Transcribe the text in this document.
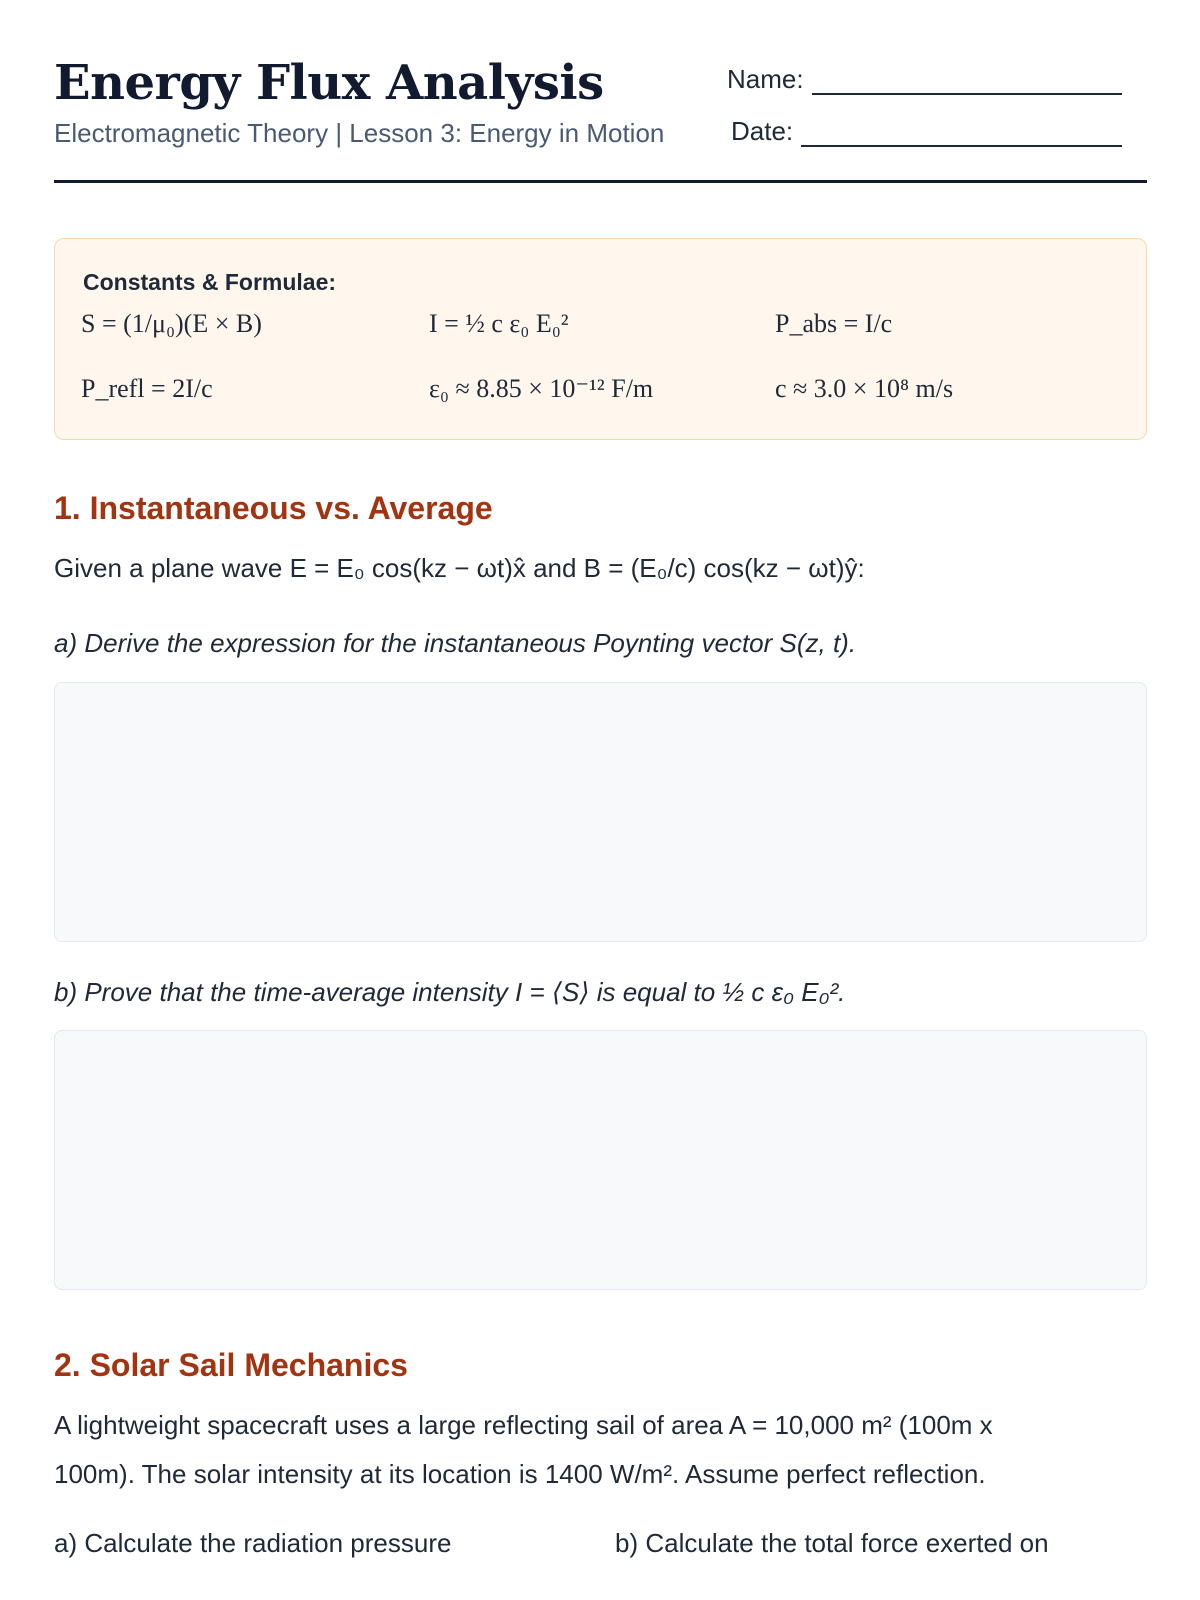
Energy Flux Analysis
Electromagnetic Theory | Lesson 3: Energy in Motion
Name:
Date:
Constants & Formulae:
S = (1/μ₀)(E × B)	I = ½ c ε₀ E₀²	P_abs = I/c
P_refl = 2I/c	ε₀ ≈ 8.85 × 10⁻¹² F/m	c ≈ 3.0 × 10⁸ m/s
1. Instantaneous vs. Average
Given a plane wave E = E₀ cos(kz − ωt)x̂ and B = (E₀/c) cos(kz − ωt)ŷ:
a) Derive the expression for the instantaneous Poynting vector S(z, t).
b) Prove that the time-average intensity I = ⟨S⟩ is equal to ½ c ε₀ E₀².
2. Solar Sail Mechanics
A lightweight spacecraft uses a large reflecting sail of area A = 10,000 m² (100m x
100m). The solar intensity at its location is 1400 W/m². Assume perfect reflection.
a) Calculate the radiation pressure	b) Calculate the total force exerted on
